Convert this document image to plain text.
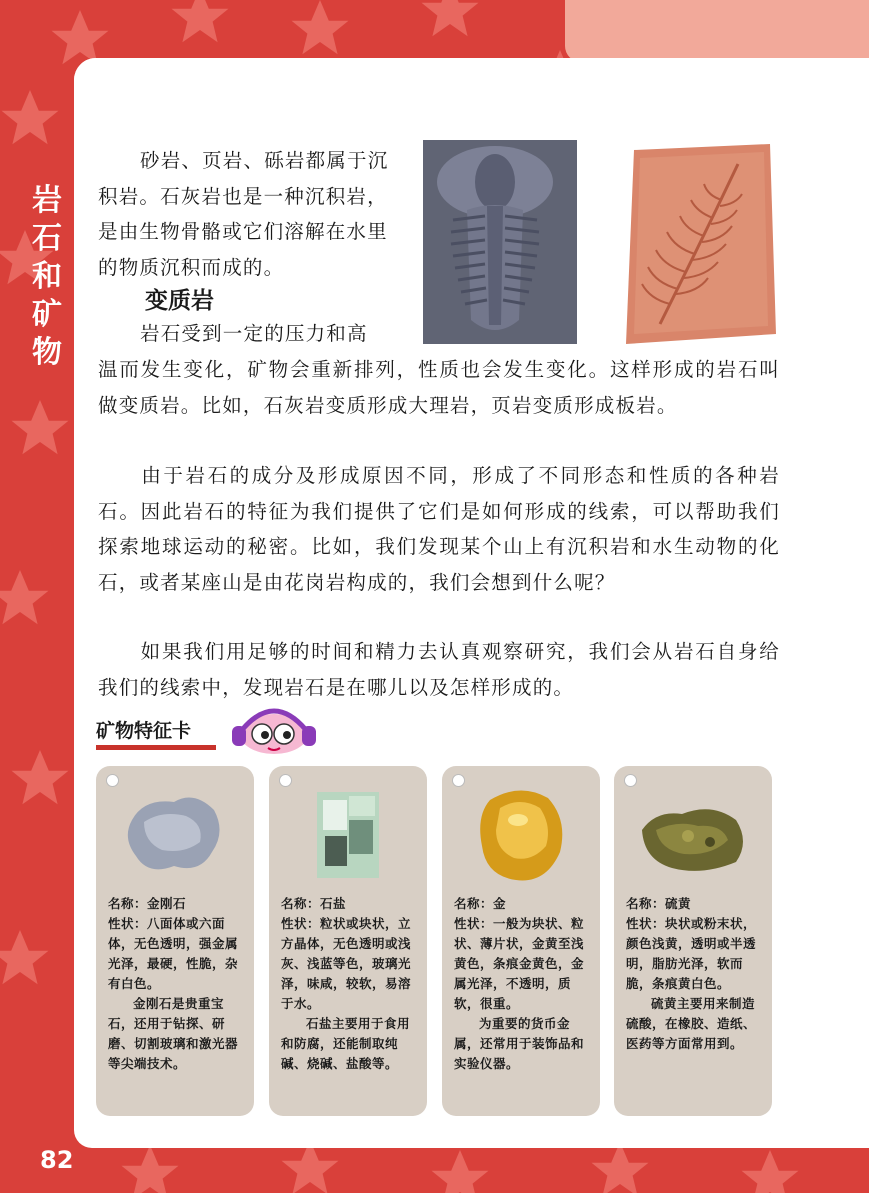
岩石和矿物
82
砂岩、页岩、砾岩都属于沉积岩。石灰岩也是一种沉积岩，是由生物骨骼或它们溶解在水里的物质沉积而成的。
变质岩
岩石受到一定的压力和高
温而发生变化，矿物会重新排列，性质也会发生变化。这样形成的岩石叫做变质岩。比如，石灰岩变质形成大理岩，页岩变质形成板岩。
由于岩石的成分及形成原因不同，形成了不同形态和性质的各种岩石。因此岩石的特征为我们提供了它们是如何形成的线索，可以帮助我们探索地球运动的秘密。比如，我们发现某个山上有沉积岩和水生动物的化石，或者某座山是由花岗岩构成的，我们会想到什么呢？
如果我们用足够的时间和精力去认真观察研究，我们会从岩石自身给我们的线索中，发现岩石是在哪儿以及怎样形成的。
矿物特征卡

名称：金刚石

性状：八面体或六面体，无色透明，强金属光泽，最硬，性脆，杂有白色。

金刚石是贵重宝石，还用于钻探、研磨、切割玻璃和激光器等尖端技术。

名称：石盐

性状：粒状或块状，立方晶体，无色透明或浅灰、浅蓝等色，玻璃光泽，味咸，较软，易溶于水。

石盐主要用于食用和防腐，还能制取纯碱、烧碱、盐酸等。

名称：金

性状：一般为块状、粒状、薄片状，金黄至浅黄色，条痕金黄色，金属光泽，不透明，质软，很重。

为重要的货币金属，还常用于装饰品和实验仪器。

名称：硫黄

性状：块状或粉末状，颜色浅黄，透明或半透明，脂肪光泽，软而脆，条痕黄白色。

硫黄主要用来制造硫酸，在橡胶、造纸、医药等方面常用到。
